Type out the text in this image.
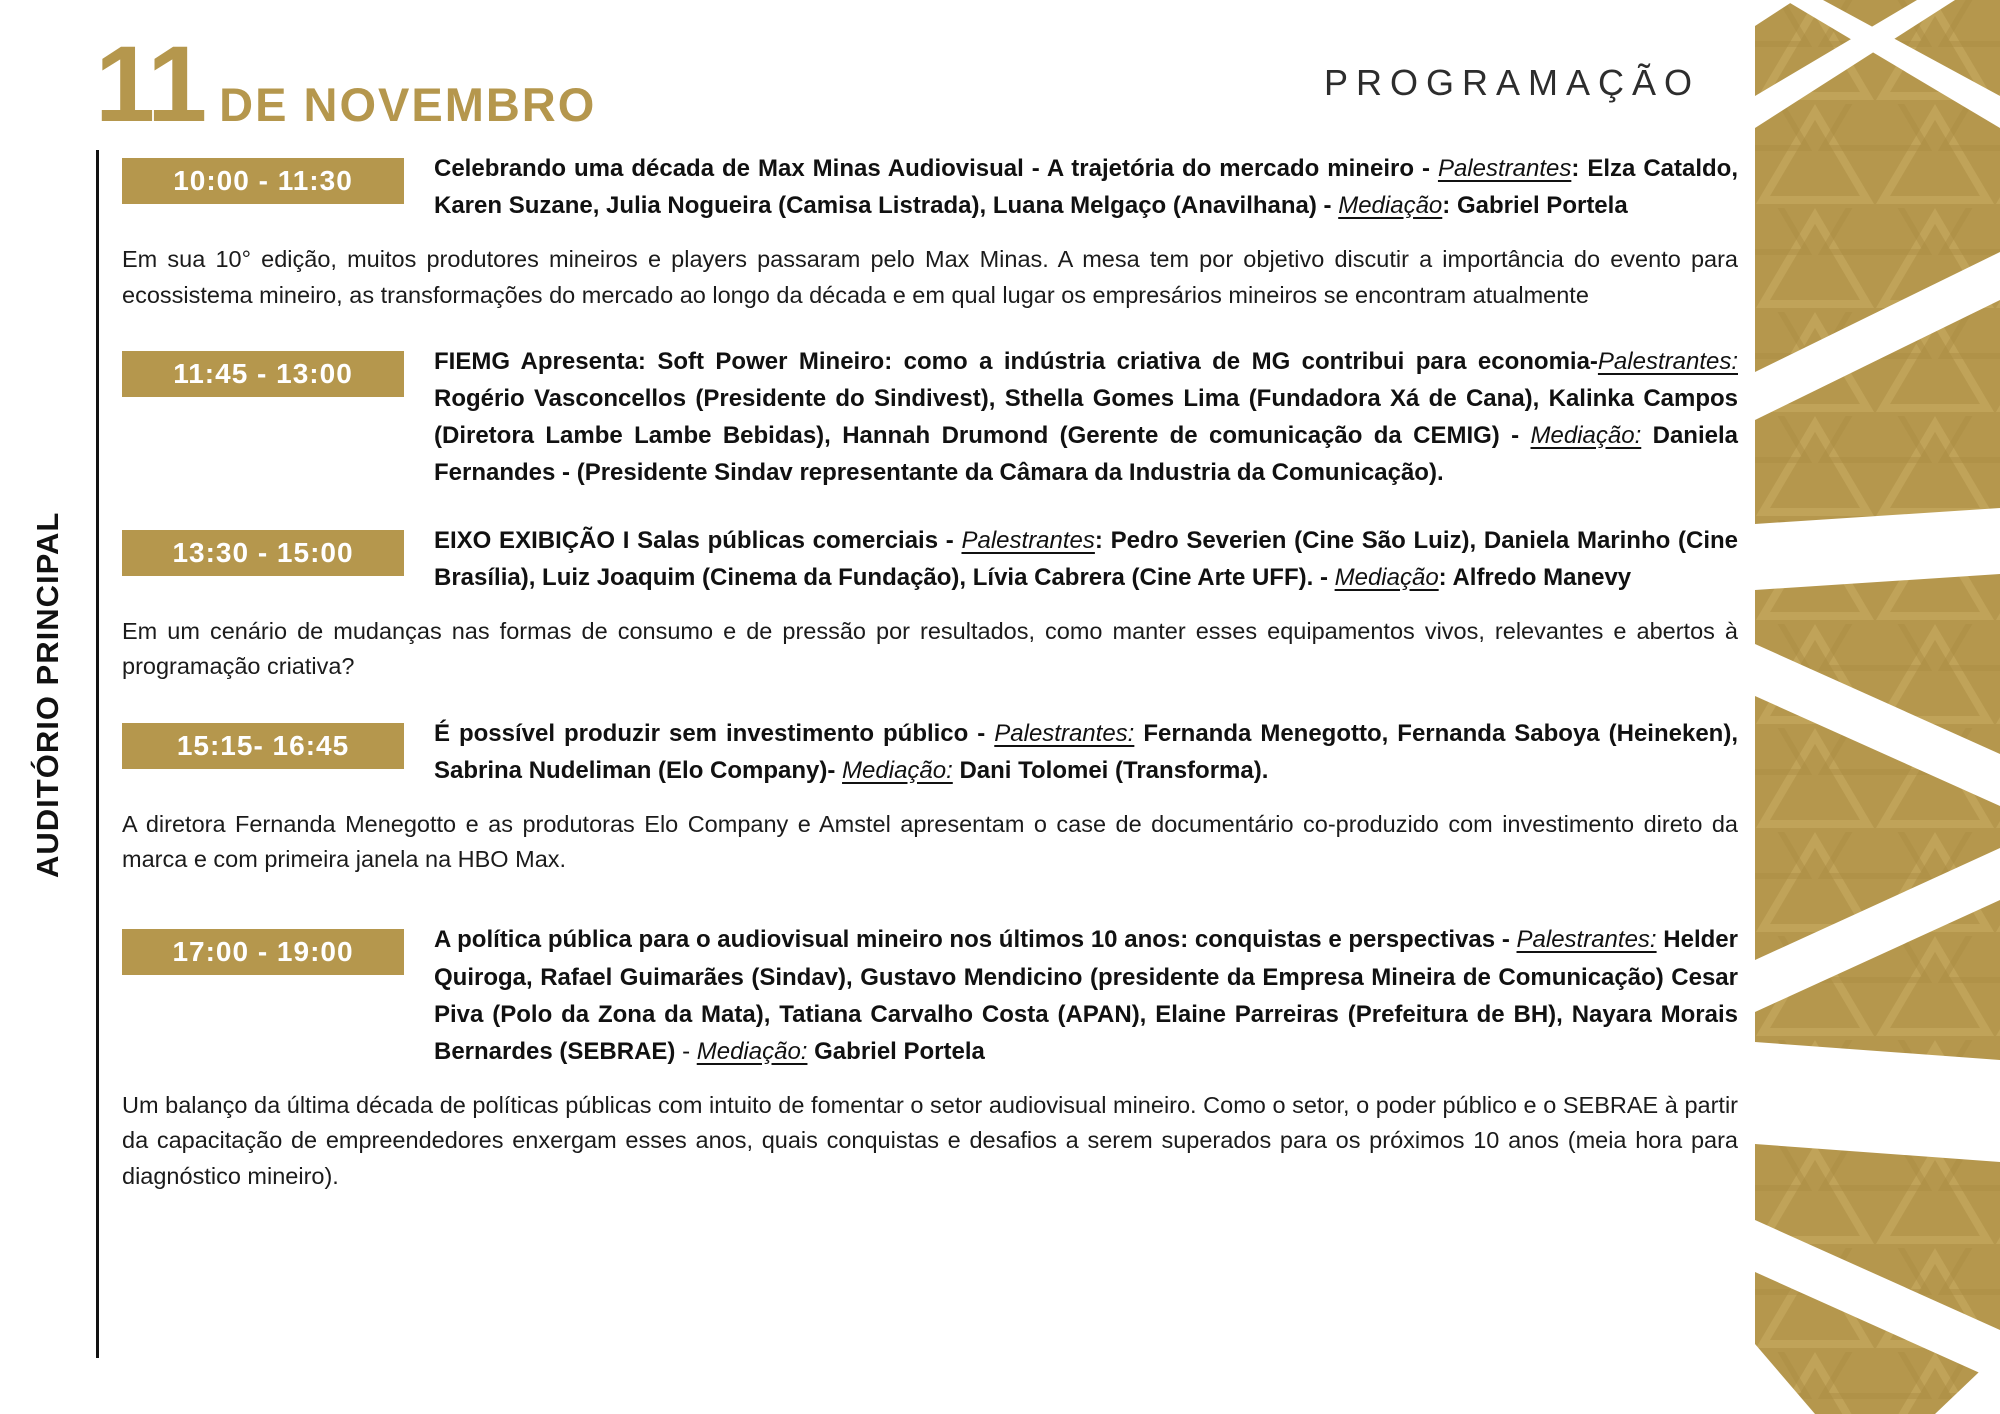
11 DE NOVEMBRO	PROGRAMAÇÃO
AUDITÓRIO PRINCIPAL
10:00 - 11:30	Celebrando uma década de Max Minas Audiovisual - A trajetória do mercado mineiro - Palestrantes: Elza Cataldo, Karen Suzane, Julia Nogueira (Camisa Listrada), Luana Melgaço (Anavilhana) - Mediação: Gabriel Portela

Em sua 10° edição, muitos produtores mineiros e players passaram pelo Max Minas. A mesa tem por objetivo discutir a importância do evento para ecossistema mineiro, as transformações do mercado ao longo da década e em qual lugar os empresários mineiros se encontram atualmente

11:45 - 13:00	FIEMG Apresenta: Soft Power Mineiro: como a indústria criativa de MG contribui para economia-Palestrantes: Rogério Vasconcellos (Presidente do Sindivest), Sthella Gomes Lima (Fundadora Xá de Cana), Kalinka Campos (Diretora Lambe Lambe Bebidas), Hannah Drumond (Gerente de comunicação da CEMIG) - Mediação: Daniela Fernandes - (Presidente Sindav representante da Câmara da Industria da Comunicação).

13:30 - 15:00	EIXO EXIBIÇÃO I Salas públicas comerciais - Palestrantes: Pedro Severien (Cine São Luiz), Daniela Marinho (Cine Brasília), Luiz Joaquim (Cinema da Fundação), Lívia Cabrera (Cine Arte UFF). - Mediação: Alfredo Manevy

Em um cenário de mudanças nas formas de consumo e de pressão por resultados, como manter esses equipamentos vivos, relevantes e abertos à programação criativa?

15:15- 16:45	É possível produzir sem investimento público - Palestrantes: Fernanda Menegotto, Fernanda Saboya (Heineken), Sabrina Nudeliman (Elo Company)- Mediação: Dani Tolomei (Transforma).

A diretora Fernanda Menegotto e as produtoras Elo Company e Amstel apresentam o case de documentário co-produzido com investimento direto da marca e com primeira janela na HBO Max.

17:00 - 19:00	A política pública para o audiovisual mineiro nos últimos 10 anos: conquistas e perspectivas - Palestrantes: Helder Quiroga, Rafael Guimarães (Sindav), Gustavo Mendicino (presidente da Empresa Mineira de Comunicação) Cesar Piva (Polo da Zona da Mata), Tatiana Carvalho Costa (APAN), Elaine Parreiras (Prefeitura de BH), Nayara Morais Bernardes (SEBRAE) - Mediação: Gabriel Portela

Um balanço da última década de políticas públicas com intuito de fomentar o setor audiovisual mineiro. Como o setor, o poder público e o SEBRAE à partir da capacitação de empreendedores enxergam esses anos, quais conquistas e desafios a serem superados para os próximos 10 anos (meia hora para diagnóstico mineiro).
